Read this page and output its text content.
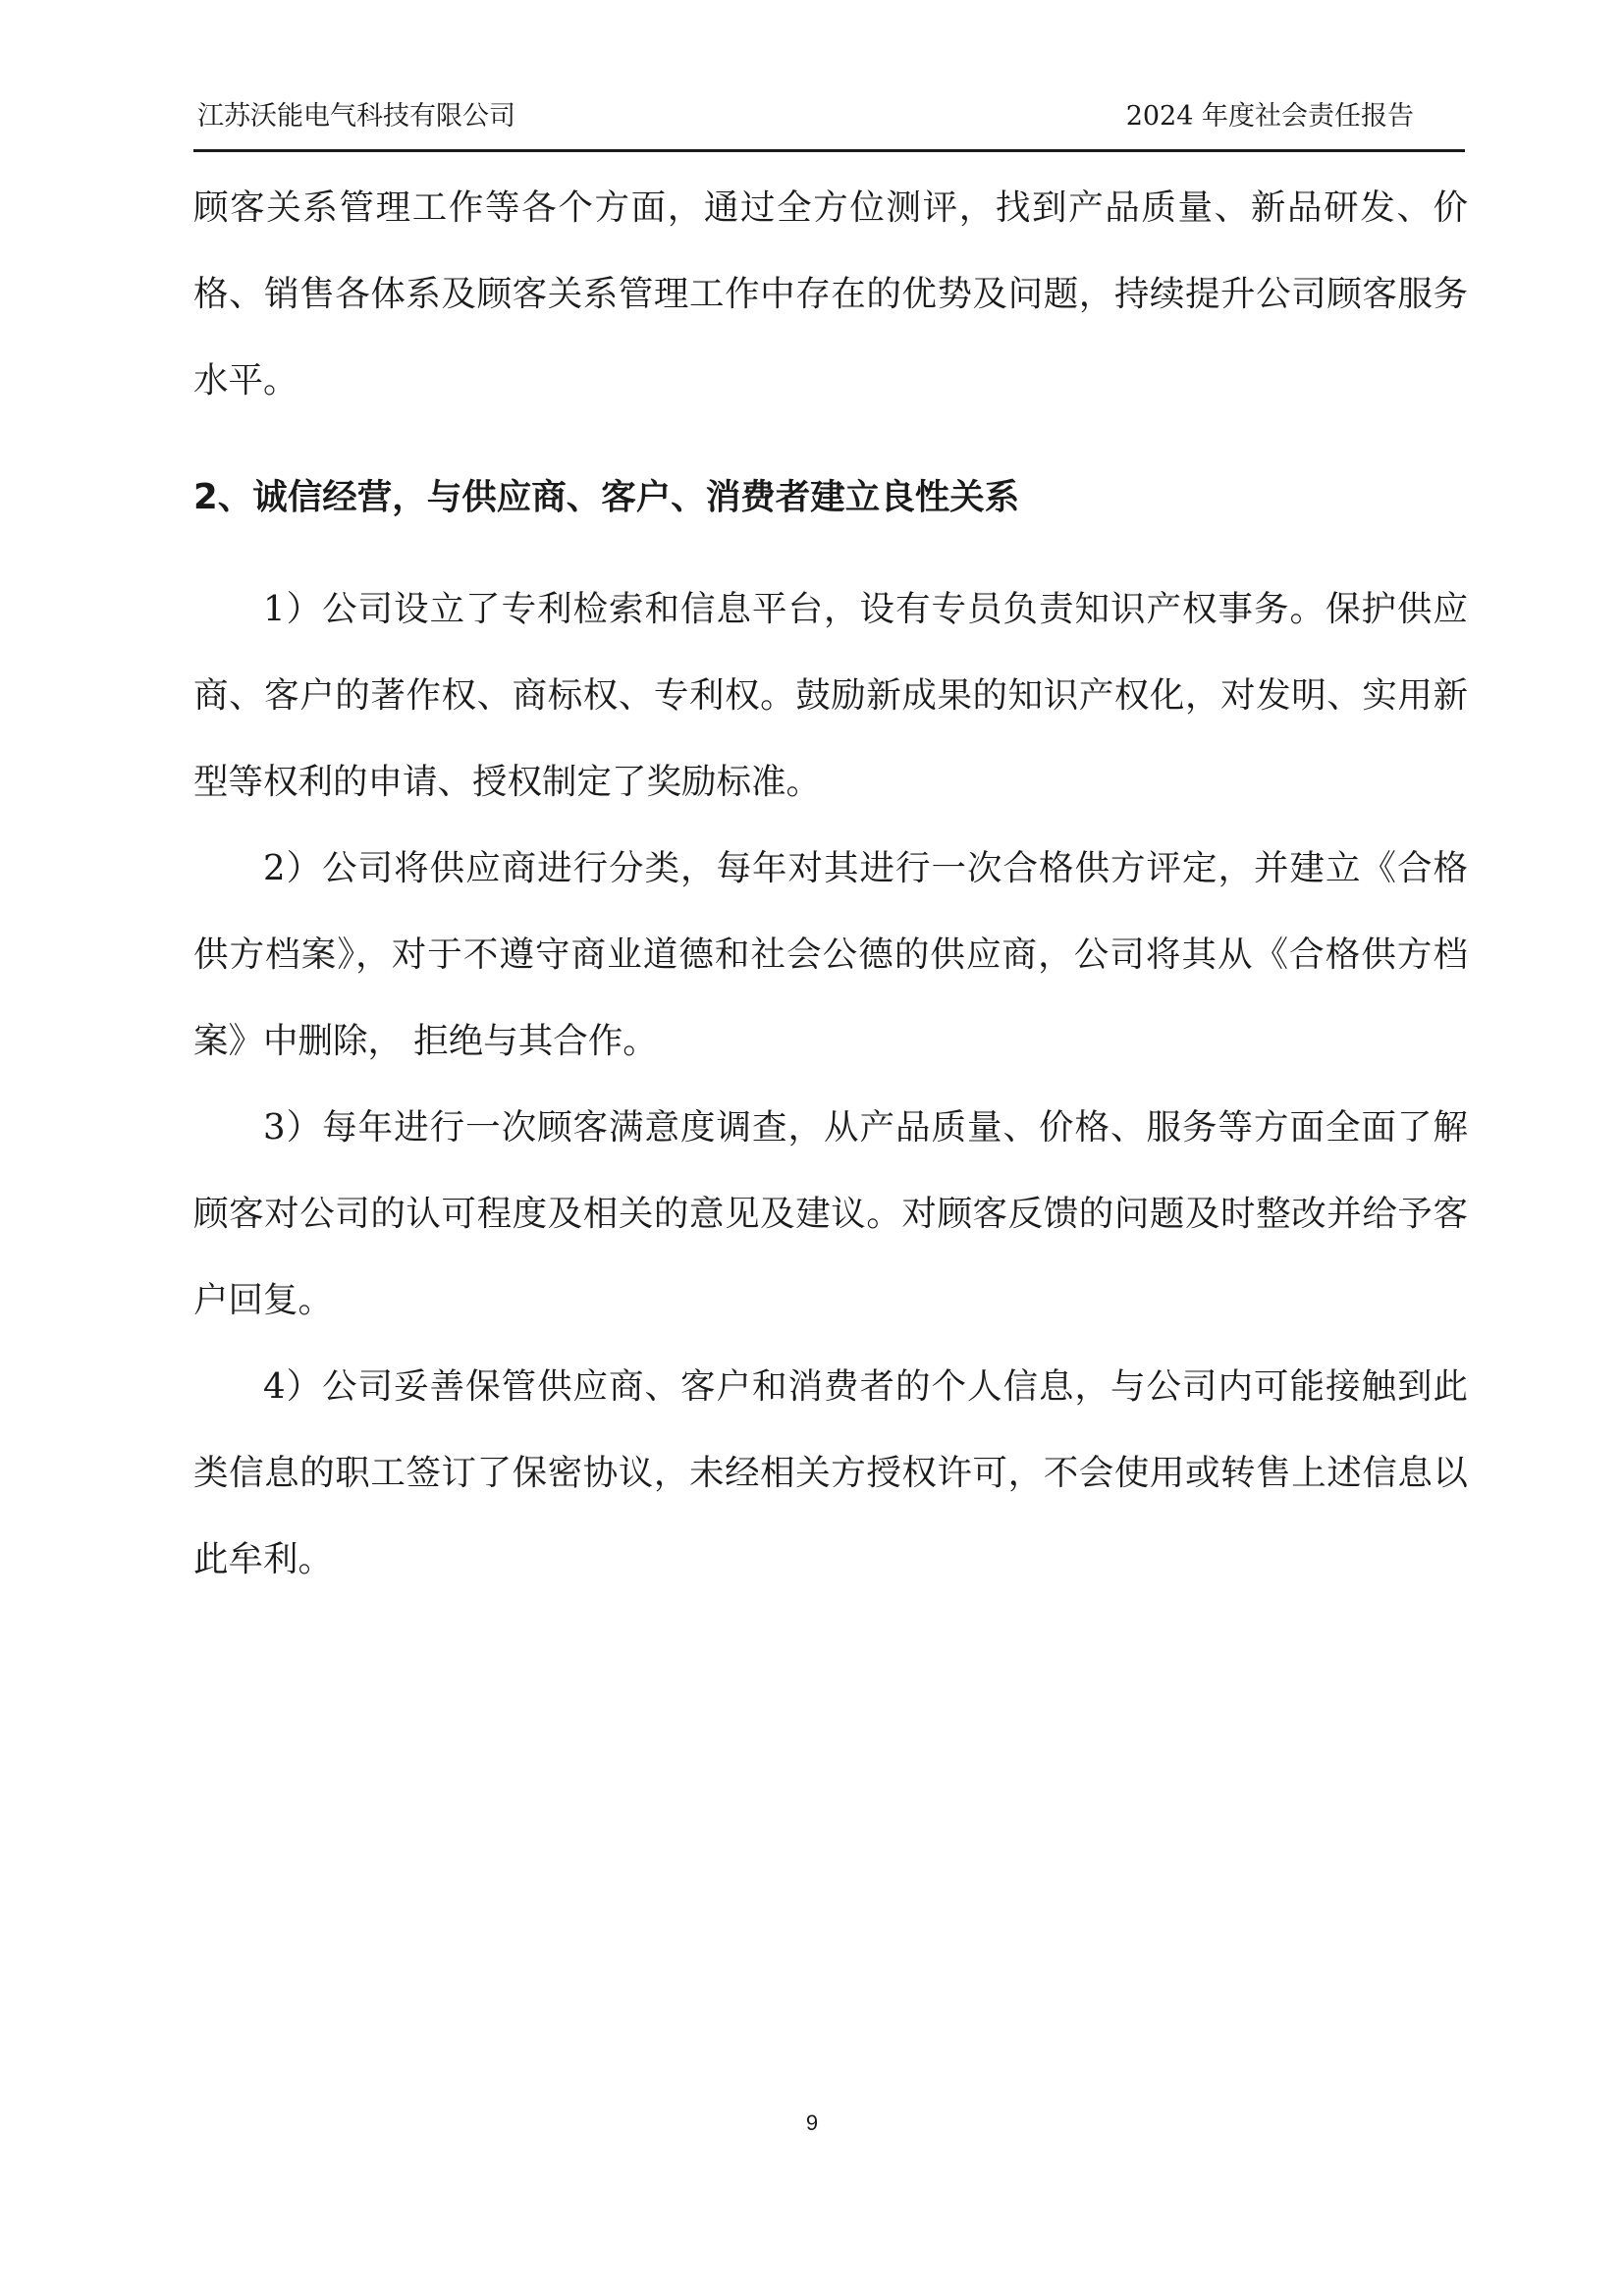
江苏沃能电气科技有限公司	2024 年度社会责任报告

顾客关系管理工作等各个方面，通过全方位测评，找到产品质量、新品研发、价格、销售各体系及顾客关系管理工作中存在的优势及问题，持续提升公司顾客服务水平。

2、诚信经营，与供应商、客户、消费者建立良性关系

1）公司设立了专利检索和信息平台，设有专员负责知识产权事务。保护供应商、客户的著作权、商标权、专利权。鼓励新成果的知识产权化，对发明、实用新型等权利的申请、授权制定了奖励标准。

2）公司将供应商进行分类，每年对其进行一次合格供方评定，并建立《合格供方档案》，对于不遵守商业道德和社会公德的供应商，公司将其从《合格供方档案》中删除， 拒绝与其合作。

3）每年进行一次顾客满意度调查，从产品质量、价格、服务等方面全面了解顾客对公司的认可程度及相关的意见及建议。对顾客反馈的问题及时整改并给予客户回复。

4）公司妥善保管供应商、客户和消费者的个人信息，与公司内可能接触到此类信息的职工签订了保密协议，未经相关方授权许可，不会使用或转售上述信息以此牟利。

9
